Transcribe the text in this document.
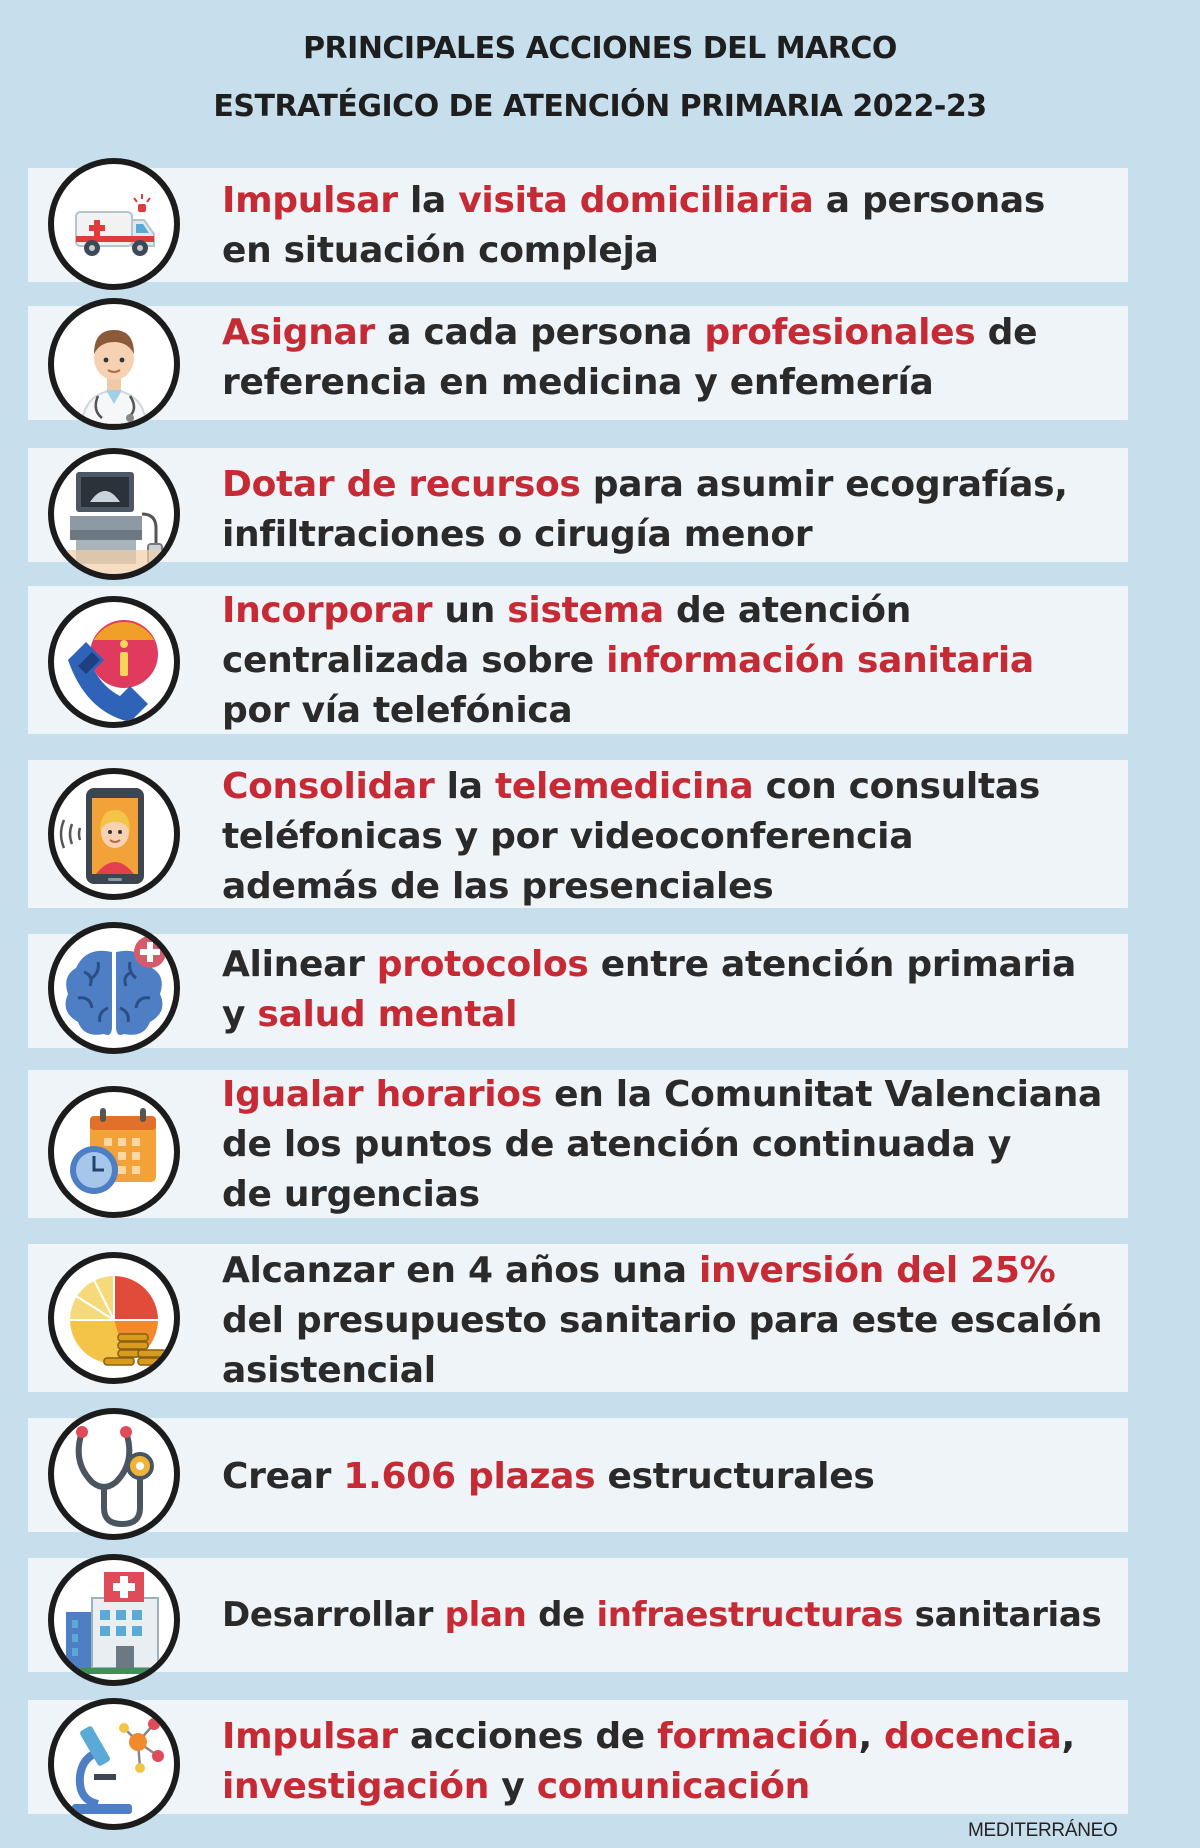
PRINCIPALES ACCIONES DEL MARCO
ESTRATÉGICO DE ATENCIÓN PRIMARIA 2022-23
Impulsar la visita domiciliaria a personas
en situación compleja
Asignar a cada persona profesionales de
referencia en medicina y enfemería
Dotar de recursos para asumir ecografías,
infiltraciones o cirugía menor
Incorporar un sistema de atención
centralizada sobre información sanitaria
por vía telefónica
Consolidar la telemedicina con consultas
teléfonicas y por videoconferencia
además de las presenciales
Alinear protocolos entre atención primaria
y salud mental
Igualar horarios en la Comunitat Valenciana
de los puntos de atención continuada y
de urgencias
Alcanzar en 4 años una inversión del 25%
del presupuesto sanitario para este escalón
asistencial
Crear 1.606 plazas estructurales
Desarrollar plan de infraestructuras sanitarias
Impulsar acciones de formación, docencia,
investigación y comunicación
MEDITERRÁNEO
